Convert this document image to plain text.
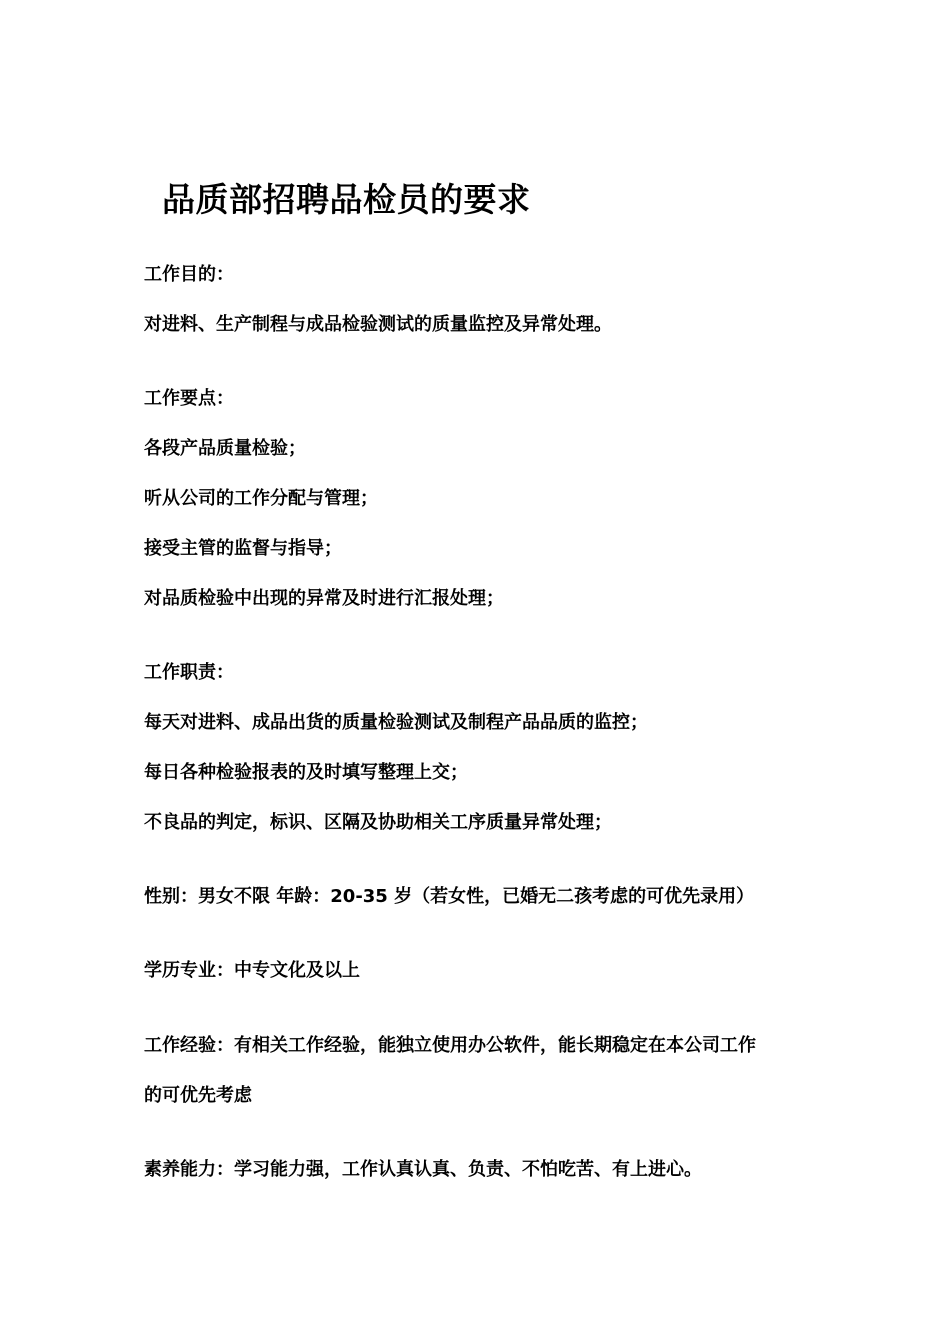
品质部招聘品检员的要求
工作目的：
对进料、生产制程与成品检验测试的质量监控及异常处理。
工作要点：
各段产品质量检验；
听从公司的工作分配与管理；
接受主管的监督与指导；
对品质检验中出现的异常及时进行汇报处理；
工作职责：
每天对进料、成品出货的质量检验测试及制程产品品质的监控；
每日各种检验报表的及时填写整理上交；
不良品的判定，标识、区隔及协助相关工序质量异常处理；
性别：男女不限 年龄：20-35 岁（若女性，已婚无二孩考虑的可优先录用）
学历专业：中专文化及以上
工作经验：有相关工作经验，能独立使用办公软件，能长期稳定在本公司工作
的可优先考虑
素养能力：学习能力强，工作认真认真、负责、不怕吃苦、有上进心。
